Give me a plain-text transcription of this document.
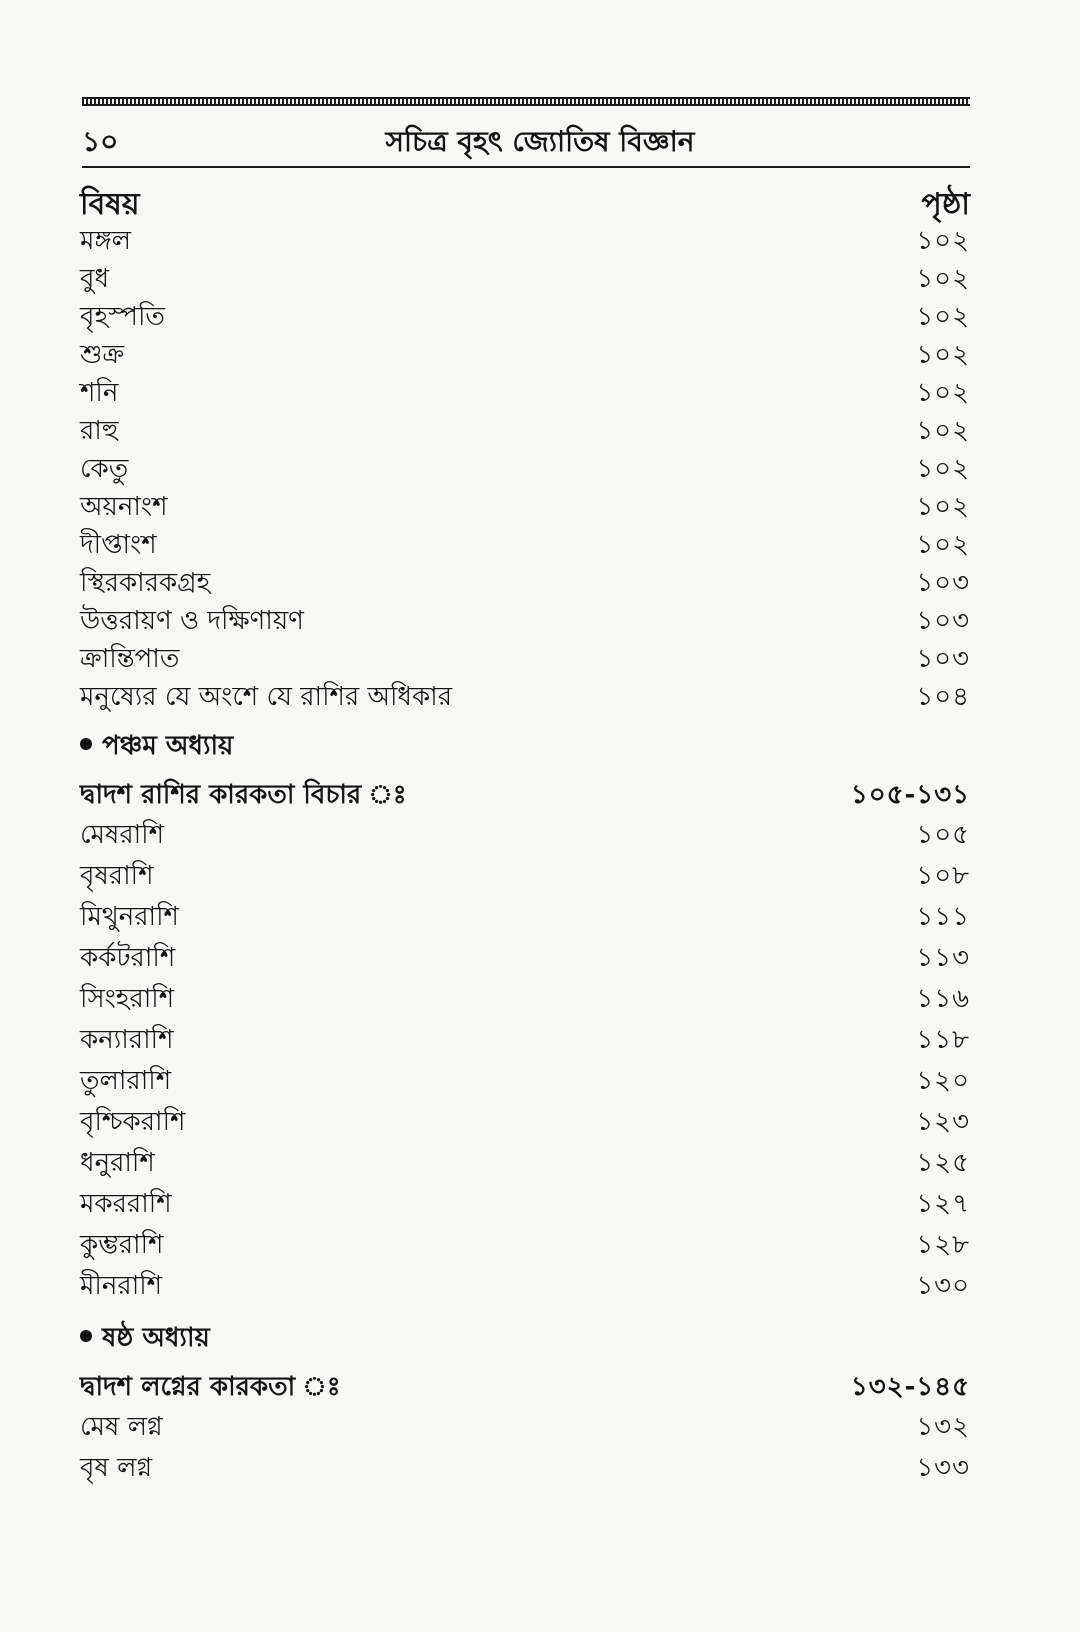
১০	সচিত্র বৃহৎ জ্যোতিষ বিজ্ঞান
বিষয়	পৃষ্ঠা
মঙ্গল	১০২
বুধ	১০২
বৃহস্পতি	১০২
শুক্র	১০২
শনি	১০২
রাহু	১০২
কেতু	১০২
অয়নাংশ	১০২
দীপ্তাংশ	১০২
স্থিরকারকগ্রহ	১০৩
উত্তরায়ণ ও দক্ষিণায়ণ	১০৩
ক্রান্তিপাত	১০৩
মনুষ্যের যে অংশে যে রাশির অধিকার	১০৪
পঞ্চম অধ্যায়
দ্বাদশ রাশির কারকতা বিচার ঃ	১০৫-১৩১
মেষরাশি	১০৫
বৃষরাশি	১০৮
মিথুনরাশি	১১১
কর্কটরাশি	১১৩
সিংহরাশি	১১৬
কন্যারাশি	১১৮
তুলারাশি	১২০
বৃশ্চিকরাশি	১২৩
ধনুরাশি	১২৫
মকররাশি	১২৭
কুম্ভরাশি	১২৮
মীনরাশি	১৩০
ষষ্ঠ অধ্যায়
দ্বাদশ লগ্নের কারকতা ঃ	১৩২-১৪৫
মেষ লগ্ন	১৩২
বৃষ লগ্ন	১৩৩
